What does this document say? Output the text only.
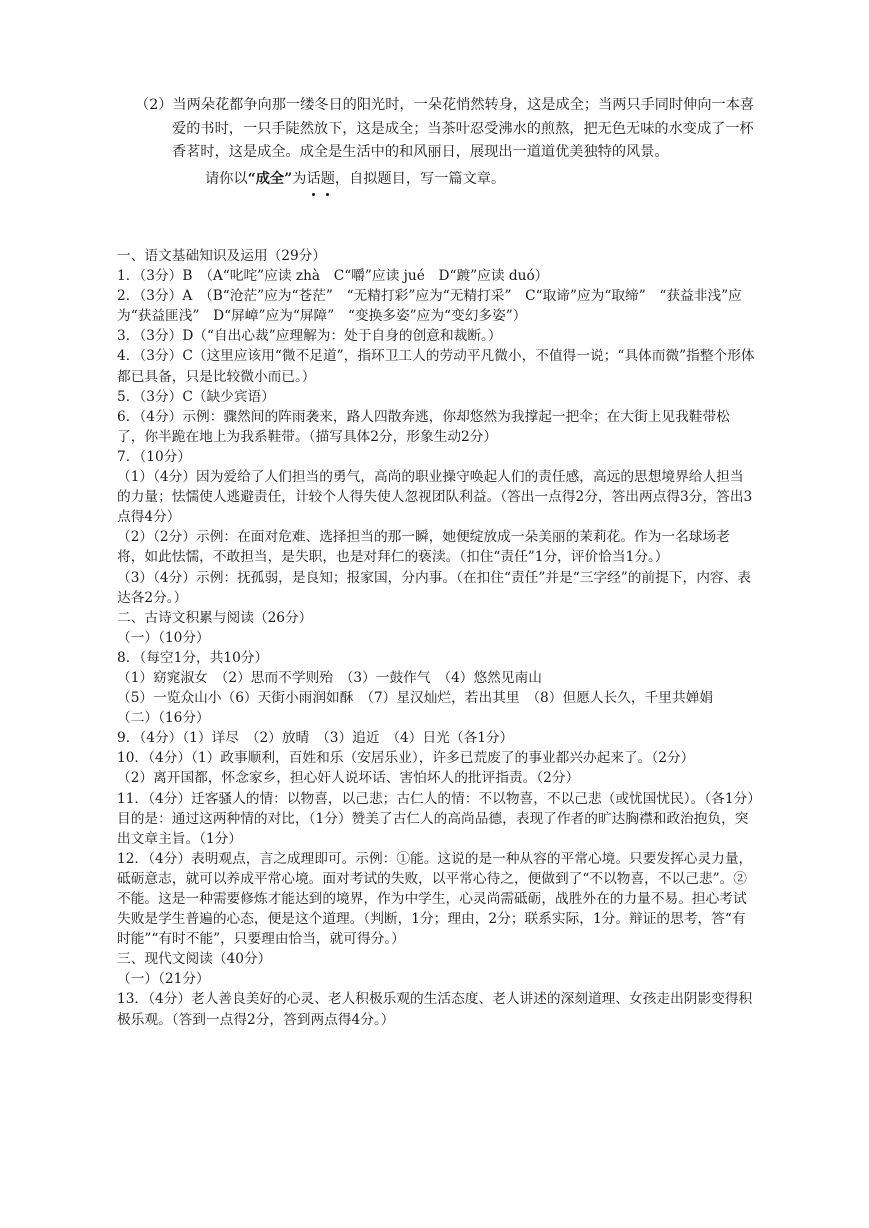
（2）当两朵花都争向那一缕冬日的阳光时，一朵花悄然转身，这是成全；当两只手同时伸向一本喜爱的书时，一只手陡然放下，这是成全；当茶叶忍受沸水的煎熬，把无色无味的水变成了一杯香茗时，这是成全。成全是生活中的和风丽日，展现出一道道优美独特的风景。
请你以“成全”为话题，自拟题目，写一篇文章。
一、语文基础知识及运用（29分）
1．（3分）B　（A“叱咤”应读 zhà　C“嚼”应读 jué　D“踱”应读 duó）
2．（3分）A　（B“沧茫”应为“苍茫”　“无精打彩”应为“无精打采”　C“取谛”应为“取缔”　“获益非浅”应为“获益匪浅”　D“屏嶂”应为“屏障”　“变换多姿”应为“变幻多姿”）
3．（3分）D（“自出心裁”应理解为：处于自身的创意和裁断。）
4．（3分）C（这里应该用“微不足道”，指环卫工人的劳动平凡微小，不值得一说；“具体而微”指整个形体都已具备，只是比较微小而已。）
5．（3分）C（缺少宾语）
6．（4分）示例：骤然间的阵雨袭来，路人四散奔逃，你却悠然为我撑起一把伞；在大街上见我鞋带松了，你半跪在地上为我系鞋带。（描写具体2分，形象生动2分）
7．（10分）
（1）（4分）因为爱给了人们担当的勇气，高尚的职业操守唤起人们的责任感，高远的思想境界给人担当的力量；怯懦使人逃避责任，计较个人得失使人忽视团队利益。（答出一点得2分，答出两点得3分，答出3点得4分）
（2）（2分）示例：在面对危难、选择担当的那一瞬，她便绽放成一朵美丽的茉莉花。作为一名球场老将，如此怯懦，不敢担当，是失职，也是对拜仁的亵渎。（扣住“责任”1分，评价恰当1分。）
（3）（4分）示例：抚孤弱，是良知；报家国，分内事。（在扣住“责任”并是“三字经”的前提下，内容、表达各2分。）
二、古诗文积累与阅读（26分）
（一）（10分）
8．（每空1分，共10分）
（1）窈窕淑女　（2）思而不学则殆　（3）一鼓作气　（4）悠然见南山
（5）一览众山小（6）天街小雨润如酥　（7）星汉灿烂，若出其里　（8）但愿人长久，千里共婵娟
（二）（16分）
9．（4分）（1）详尽　（2）放晴　（3）追近　（4）日光（各1分）
10．（4分）（1）政事顺利，百姓和乐（安居乐业），许多已荒废了的事业都兴办起来了。（2分）
（2）离开国都，怀念家乡，担心奸人说坏话、害怕坏人的批评指责。（2分）
11．（4分）迁客骚人的情：以物喜，以己悲；古仁人的情：不以物喜，不以己悲（或忧国忧民）。（各1分）目的是：通过这两种情的对比，（1分）赞美了古仁人的高尚品德，表现了作者的旷达胸襟和政治抱负，突出文章主旨。（1分）
12．（4分）表明观点，言之成理即可。示例：①能。这说的是一种从容的平常心境。只要发挥心灵力量，砥砺意志，就可以养成平常心境。面对考试的失败，以平常心待之，便做到了“不以物喜，不以己悲”。②不能。这是一种需要修炼才能达到的境界，作为中学生，心灵尚需砥砺，战胜外在的力量不易。担心考试失败是学生普遍的心态，便是这个道理。（判断，1分；理由，2分；联系实际，1分。辩证的思考，答“有时能”“有时不能”，只要理由恰当，就可得分。）
三、现代文阅读（40分）
（一）（21分）
13．（4分）老人善良美好的心灵、老人积极乐观的生活态度、老人讲述的深刻道理、女孩走出阴影变得积极乐观。（答到一点得2分，答到两点得4分。）
